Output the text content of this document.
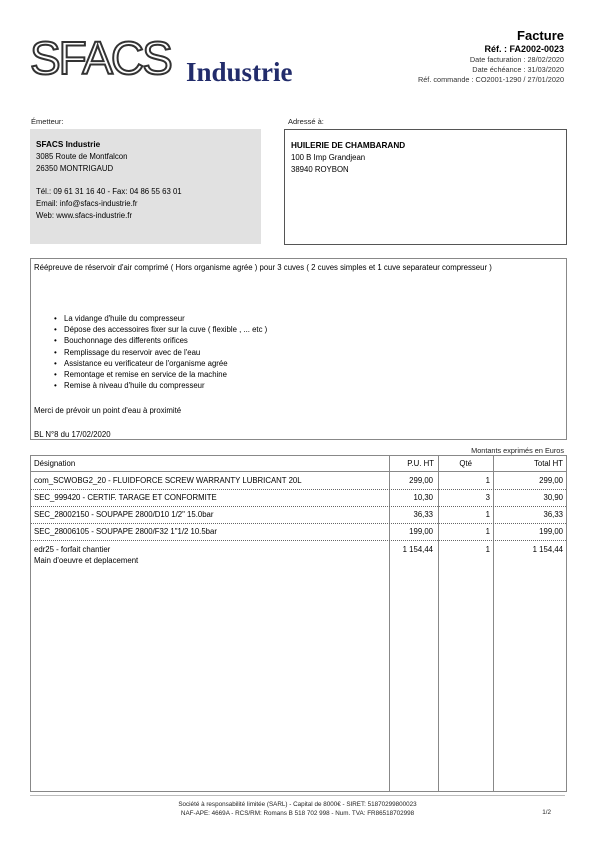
SFACS Industrie
Facture
Réf. : FA2002-0023
Date facturation : 28/02/2020
Date échéance : 31/03/2020
Réf. commande : CO2001-1290 / 27/01/2020
Émetteur:	Adressé à:
SFACS Industrie
3085 Route de Montfalcon
26350 MONTRIGAUD
Tél.: 09 61 31 16 40 - Fax: 04 86 55 63 01
Email: info@sfacs-industrie.fr
Web: www.sfacs-industrie.fr
HUILERIE DE CHAMBARAND
100 B Imp Grandjean
38940 ROYBON
Réépreuve de réservoir d'air comprimé ( Hors organisme agrée ) pour 3 cuves ( 2 cuves simples et 1 cuve separateur compresseur )
• La vidange d'huile du compresseur
• Dépose des accessoires fixer sur la cuve ( flexible , ... etc )
• Bouchonnage des differents orifices
• Remplissage du reservoir avec de l'eau
• Assistance eu verificateur de l'organisme agrée
• Remontage et remise en service de la machine
• Remise à niveau d'huile du compresseur
Merci de prévoir un point d'eau à proximité
BL N°8 du 17/02/2020
Montants exprimés en Euros
Désignation	P.U. HT	Qté	Total HT
com_SCWOBG2_20 - FLUIDFORCE SCREW WARRANTY LUBRICANT 20L	299,00	1	299,00
SEC_999420 - CERTIF. TARAGE ET CONFORMITE	10,30	3	30,90
SEC_28002150 - SOUPAPE 2800/D10 1/2" 15.0bar	36,33	1	36,33
SEC_28006105 - SOUPAPE 2800/F32 1"1/2 10.5bar	199,00	1	199,00
edr25 - forfait chantier
Main d'oeuvre et deplacement
1 154,44	1	1 154,44
Société à responsabilité limitée (SARL) - Capital de 8000€ - SIRET: 51870299800023
NAF-APE: 4669A - RCS/RM: Romans B 518 702 998 - Num. TVA: FR86518702998	1/2
